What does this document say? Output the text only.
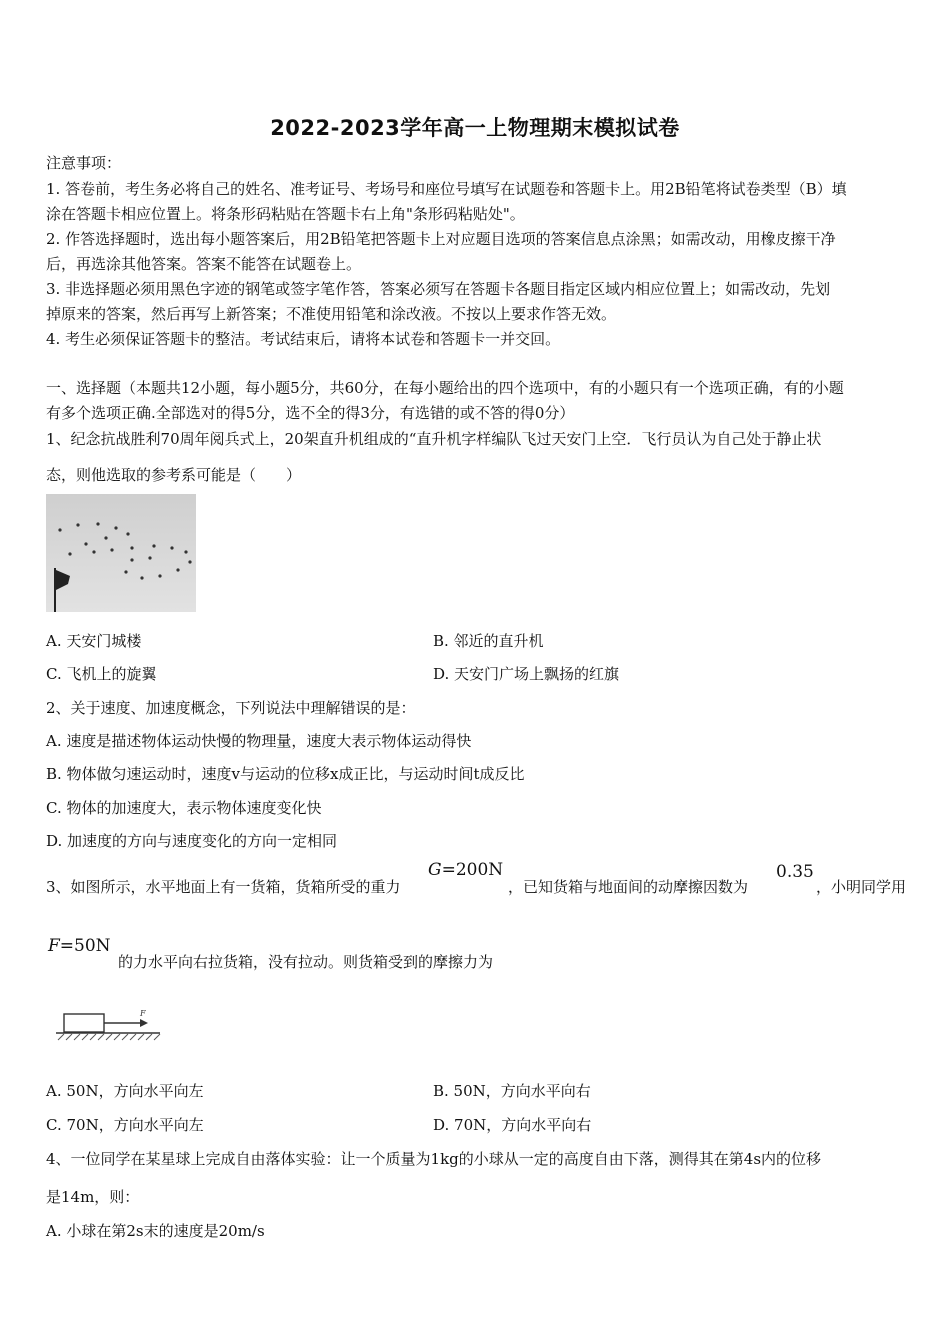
2022-2023学年高一上物理期末模拟试卷
注意事项：
1. 答卷前，考生务必将自己的姓名、准考证号、考场号和座位号填写在试题卷和答题卡上。用2B铅笔将试卷类型（B）填
涂在答题卡相应位置上。将条形码粘贴在答题卡右上角"条形码粘贴处"。
2. 作答选择题时，选出每小题答案后，用2B铅笔把答题卡上对应题目选项的答案信息点涂黑；如需改动，用橡皮擦干净
后，再选涂其他答案。答案不能答在试题卷上。
3. 非选择题必须用黑色字迹的钢笔或签字笔作答，答案必须写在答题卡各题目指定区域内相应位置上；如需改动，先划
掉原来的答案，然后再写上新答案；不准使用铅笔和涂改液。不按以上要求作答无效。
4. 考生必须保证答题卡的整洁。考试结束后，请将本试卷和答题卡一并交回。
一、选择题（本题共12小题，每小题5分，共60分，在每小题给出的四个选项中，有的小题只有一个选项正确，有的小题
有多个选项正确.全部选对的得5分，选不全的得3分，有选错的或不答的得0分）
1、纪念抗战胜利70周年阅兵式上，20架直升机组成的“直升机字样编队飞过天安门上空．飞行员认为自己处于静止状
态，则他选取的参考系可能是（　　）
A. 天安门城楼	B. 邻近的直升机
C. 飞机上的旋翼	D. 天安门广场上飘扬的红旗
2、关于速度、加速度概念，下列说法中理解错误的是：
A. 速度是描述物体运动快慢的物理量，速度大表示物体运动得快
B. 物体做匀速运动时，速度v与运动的位移x成正比，与运动时间t成反比
C. 物体的加速度大，表示物体速度变化快
D. 加速度的方向与速度变化的方向一定相同
3、如图所示，水平地面上有一货箱，货箱所受的重力
G=200N
，已知货箱与地面间的动摩擦因数为
0.35
，小明同学用
F=50N
的力水平向右拉货箱，没有拉动。则货箱受到的摩擦力为
F
A. 50N，方向水平向左	B. 50N，方向水平向右
C. 70N，方向水平向左	D. 70N，方向水平向右
4、一位同学在某星球上完成自由落体实验：让一个质量为1kg的小球从一定的高度自由下落，测得其在第4s内的位移
是14m，则：
A. 小球在第2s末的速度是20m/s
